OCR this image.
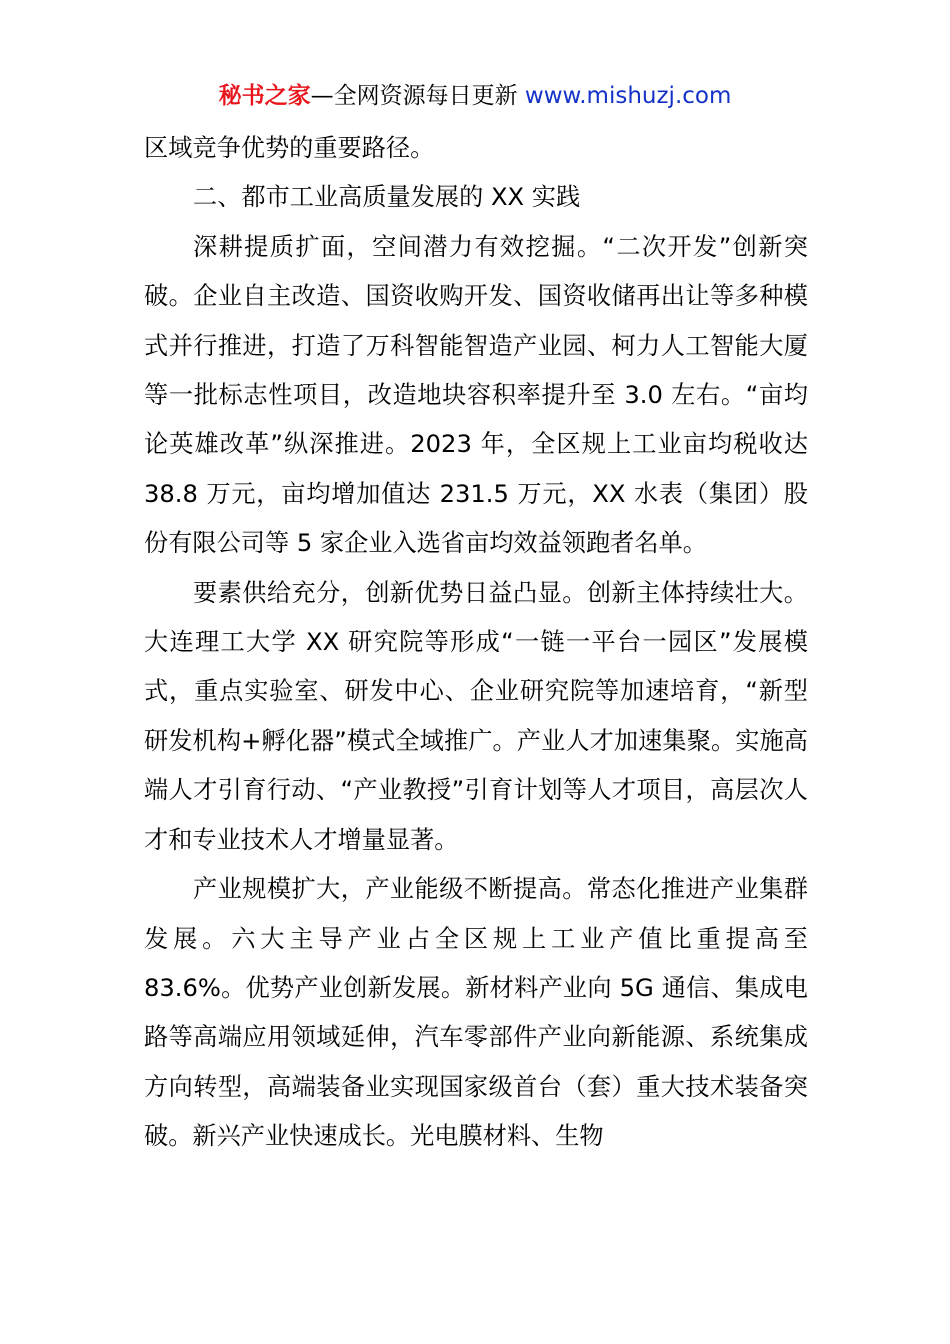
秘书之家—全网资源每日更新 www.mishuzj.com

区域竞争优势的重要路径。

二、都市工业高质量发展的 XX 实践

深耕提质扩面，空间潜力有效挖掘。“二次开发”创新突破。企业自主改造、国资收购开发、国资收储再出让等多种模式并行推进，打造了万科智能智造产业园、柯力人工智能大厦等一批标志性项目，改造地块容积率提升至 3.0 左右。“亩均论英雄改革”纵深推进。2023 年，全区规上工业亩均税收达 38.8 万元，亩均增加值达 231.5 万元，XX 水表（集团）股份有限公司等 5 家企业入选省亩均效益领跑者名单。

要素供给充分，创新优势日益凸显。创新主体持续壮大。大连理工大学 XX 研究院等形成“一链一平台一园区”发展模式，重点实验室、研发中心、企业研究院等加速培育，“新型研发机构+孵化器”模式全域推广。产业人才加速集聚。实施高端人才引育行动、“产业教授”引育计划等人才项目，高层次人才和专业技术人才增量显著。

产业规模扩大，产业能级不断提高。常态化推进产业集群发展。六大主导产业占全区规上工业产值比重提高至 83.6%。优势产业创新发展。新材料产业向 5G 通信、集成电路等高端应用领域延伸，汽车零部件产业向新能源、系统集成方向转型，高端装备业实现国家级首台（套）重大技术装备突破。新兴产业快速成长。光电膜材料、生物
